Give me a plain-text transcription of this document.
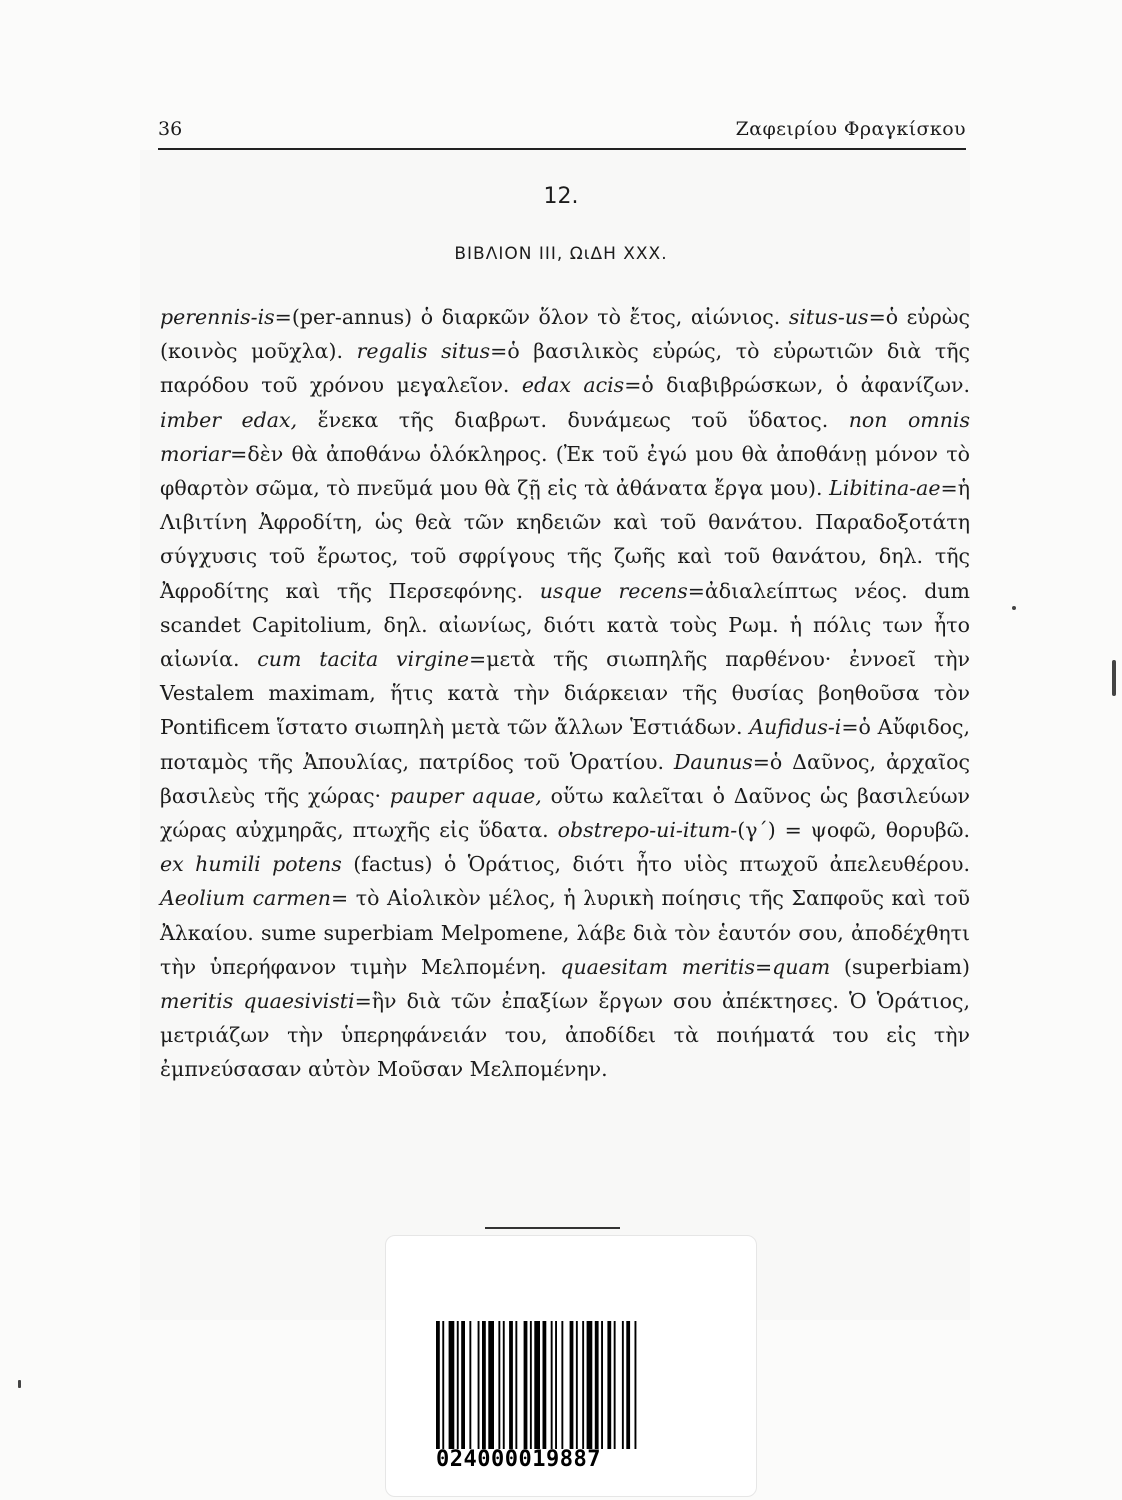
36	Ζαφειρίου Φραγκίσκου
12.
ΒΙΒΛΙΟΝ ΙΙΙ, ΩιΔΗ XXX.
perennis-is=(per-annus) ὁ διαρκῶν ὅλον τὸ ἔτος, αἰώνιος. situs-us=ὁ εὐρὼς (κοινὸς μοῦχλα). regalis situs=ὁ βασιλικὸς εὐρώς, τὸ εὐρωτιῶν διὰ τῆς παρόδου τοῦ χρόνου μεγαλεῖον. edax acis=ὁ διαβιβρώσκων, ὁ ἀφανίζων. imber edax, ἕνεκα τῆς διαβρωτ. δυνάμεως τοῦ ὕδατος. non omnis moriar=δὲν θὰ ἀποθάνω ὁλόκληρος. (Ἐκ τοῦ ἐγώ μου θὰ ἀποθάνῃ μόνον τὸ φθαρτὸν σῶμα, τὸ πνεῦμά μου θὰ ζῇ εἰς τὰ ἀθάνατα ἔργα μου). Libitina-ae=ἡ Λιβιτίνη Ἀφροδίτη, ὡς θεὰ τῶν κηδειῶν καὶ τοῦ θανάτου. Παραδοξοτάτη σύγχυσις τοῦ ἔρωτος, τοῦ σφρίγους τῆς ζωῆς καὶ τοῦ θανάτου, δηλ. τῆς Ἀφροδίτης καὶ τῆς Περσεφόνης. usque recens=ἀδιαλείπτως νέος. dum scandet Capitolium, δηλ. αἰωνίως, διότι κατὰ τοὺς Ρωμ. ἡ πόλις των ἦτο αἰωνία. cum tacita virgine=μετὰ τῆς σιωπηλῆς παρθένου· ἐννοεῖ τὴν Vestalem maximam, ἥτις κατὰ τὴν διάρκειαν τῆς θυσίας βοηθοῦσα τὸν Pontificem ἵστατο σιωπηλὴ μετὰ τῶν ἄλλων Ἑστιάδων. Aufidus-i=ὁ Αὔφιδος, ποταμὸς τῆς Ἀπουλίας, πατρίδος τοῦ Ὁρατίου. Daunus=ὁ Δαῦνος, ἀρχαῖος βασιλεὺς τῆς χώρας· pauper aquae, οὕτω καλεῖται ὁ Δαῦνος ὡς βασιλεύων χώρας αὐχμηρᾶς, πτωχῆς εἰς ὕδατα. obstrepo-ui-itum-(γ΄) = ψοφῶ, θορυβῶ. ex humili potens (factus) ὁ Ὁράτιος, διότι ἦτο υἱὸς πτωχοῦ ἀπελευθέρου. Aeolium carmen= τὸ Αἰολικὸν μέλος, ἡ λυρικὴ ποίησις τῆς Σαπφοῦς καὶ τοῦ Ἀλκαίου. sume superbiam Melpomene, λάβε διὰ τὸν ἑαυτόν σου, ἀποδέχθητι τὴν ὑπερήφανον τιμὴν Μελπομένη. quaesitam meritis=quam (superbiam) meritis quaesivisti=ἣν διὰ τῶν ἐπαξίων ἔργων σου ἀπέκτησες. Ὁ Ὁράτιος, μετριάζων τὴν ὑπερηφάνειάν του, ἀποδίδει τὰ ποιήματά του εἰς τὴν ἐμπνεύσασαν αὐτὸν Μοῦσαν Μελπομένην.
024000019887
